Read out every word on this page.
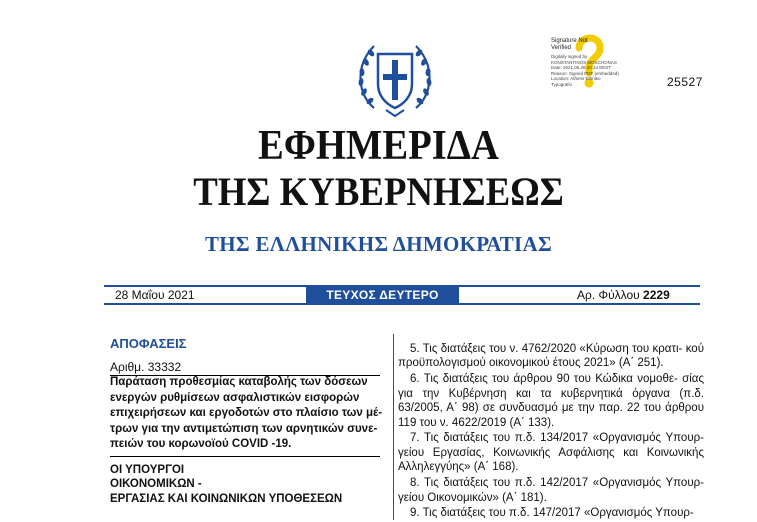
Signature Not
Verified
Digitally signed by KONSTANTINOS MOSCHONAS Date: 2021.05.28 20:24 EEST Reason: Signed PDF (embedded) Location: Athens Ethniko Typografio	25527
ΕΦΗΜΕΡΙΔΑ
ΤΗΣ ΚΥΒΕΡΝΗΣΕΩΣ
ΤΗΣ ΕΛΛΗΝΙΚΗΣ ΔΗΜΟΚΡΑΤΙΑΣ
28 Μαΐου 2021	ΤΕΥΧΟΣ ΔΕΥΤΕΡΟ	Αρ. Φύλλου 2229
ΑΠΟΦΑΣΕΙΣ
Αριθμ. 33332
Παράταση προθεσμίας καταβολής των δόσεων
ενεργών ρυθμίσεων ασφαλιστικών εισφορών
επιχειρήσεων και εργοδοτών στο πλαίσιο των μέ-
τρων για την αντιμετώπιση των αρνητικών συνε-
πειών του κορωνοϊού COVID -19.
ΟΙ ΥΠΟΥΡΓΟΙ
ΟΙΚΟΝΟΜΙΚΩΝ -
ΕΡΓΑΣΙΑΣ ΚΑΙ ΚΟΙΝΩΝΙΚΩΝ ΥΠΟΘΕΣΕΩΝ

5. Τις διατάξεις του ν. 4762/2020 «Κύρωση του κρατι- κού προϋπολογισμού οικονομικού έτους 2021» (Α΄ 251).

6. Τις διατάξεις του άρθρου 90 του Κώδικα νομοθε- σίας για την Κυβέρνηση και τα κυβερνητικά όργανα (π.δ. 63/2005, Α΄ 98) σε συνδυασμό με την παρ. 22 του άρθρου 119 του ν. 4622/2019 (Α΄ 133).

7. Τις διατάξεις του π.δ. 134/2017 «Οργανισμός Υπουρ- γείου Εργασίας, Κοινωνικής Ασφάλισης και Κοινωνικής Αλληλεγγύης» (Α΄ 168).

8. Τις διατάξεις του π.δ. 142/2017 «Οργανισμός Υπουρ- γείου Οικονομικών» (Α΄ 181).

9. Τις διατάξεις του π.δ. 147/2017 «Οργανισμός Υπουρ-
